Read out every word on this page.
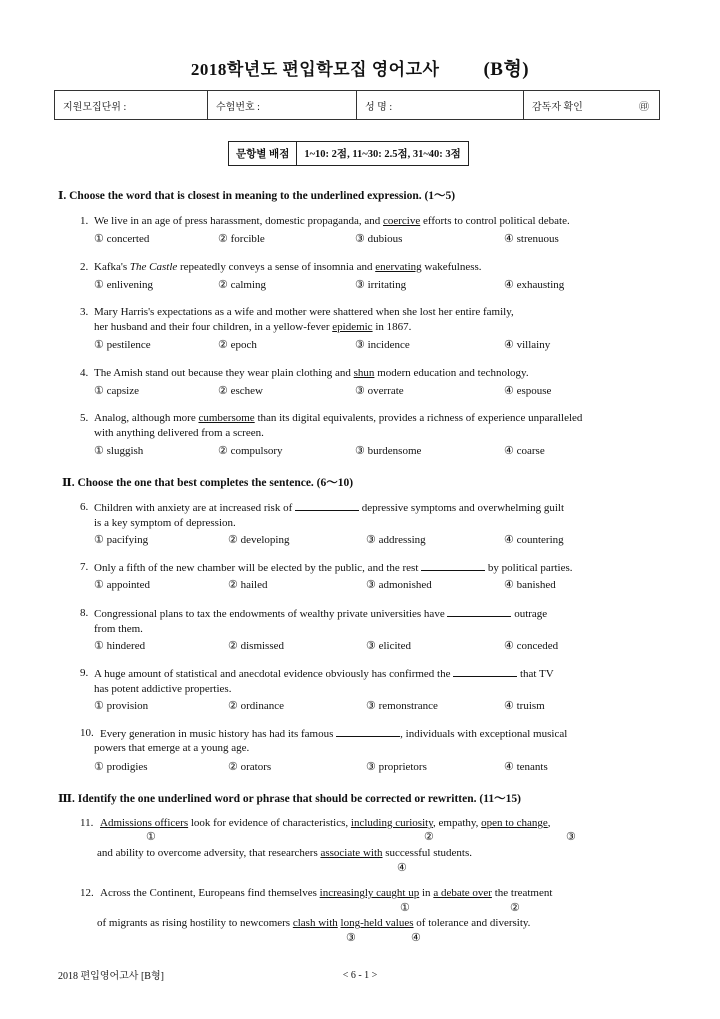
2018학년도 편입학모집 영어고사 (B형)
지원모집단위 :	수험번호 :	성 명 :	감독자 확인	㊞
문항별 배점	1~10: 2점, 11~30: 2.5점, 31~40: 3점
Ⅰ. Choose the word that is closest in meaning to the underlined expression. (1～5)
1. We live in an age of press harassment, domestic propaganda, and coercive efforts to control political debate.
① concerted	② forcible	③ dubious	④ strenuous
2. Kafka's The Castle repeatedly conveys a sense of insomnia and enervating wakefulness.
① enlivening	② calming	③ irritating	④ exhausting
3. Mary Harris's expectations as a wife and mother were shattered when she lost her entire family,
her husband and their four children, in a yellow-fever epidemic in 1867.
① pestilence	② epoch	③ incidence	④ villainy
4. The Amish stand out because they wear plain clothing and shun modern education and technology.
① capsize	② eschew	③ overrate	④ espouse
5. Analog, although more cumbersome than its digital equivalents, provides a richness of experience unparalleled
with anything delivered from a screen.
① sluggish	② compulsory	③ burdensome	④ coarse
Ⅱ. Choose the one that best completes the sentence. (6～10)
6. Children with anxiety are at increased risk of	depressive symptoms and overwhelming guilt
is a key symptom of depression.
① pacifying	② developing	③ addressing	④ countering
7. Only a fifth of the new chamber will be elected by the public, and the rest	by political parties.
① appointed	② hailed	③ admonished	④ banished
8. Congressional plans to tax the endowments of wealthy private universities have	outrage
from them.
① hindered	② dismissed	③ elicited	④ conceded
9. A huge amount of statistical and anecdotal evidence obviously has confirmed the	that TV
has potent addictive properties.
① provision	② ordinance	③ remonstrance	④ truism
10. Every generation in music history has had its famous	, individuals with exceptional musical
powers that emerge at a young age.
① prodigies	② orators	③ proprietors	④ tenants
Ⅲ. Identify the one underlined word or phrase that should be corrected or rewritten. (11～15)
11. Admissions officers look for evidence of characteristics, including curiosity, empathy, open to change,
①	②	③
and ability to overcome adversity, that researchers associate with successful students.
④
12. Across the Continent, Europeans find themselves increasingly caught up in a debate over the treatment
①	②
of migrants as rising hostility to newcomers clash with long-held values of tolerance and diversity.
③	④
2018 편입영어고사 [B형]	< 6 - 1 >
